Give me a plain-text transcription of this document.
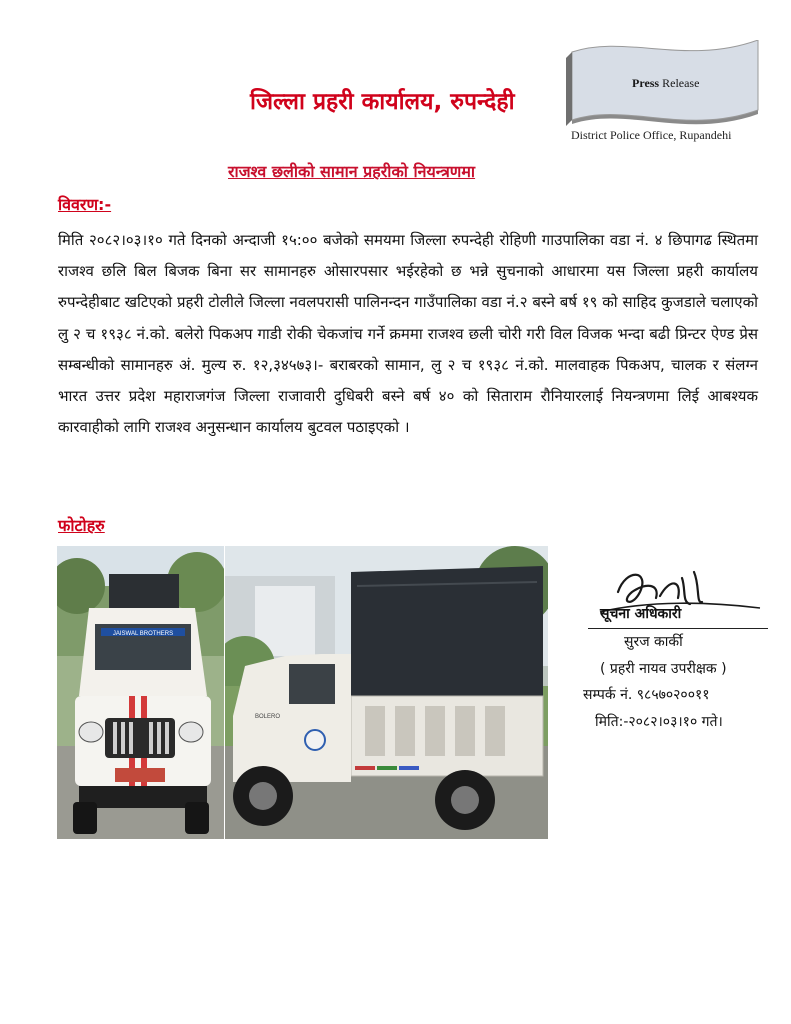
Press Release
District Police Office, Rupandehi
जिल्ला प्रहरी कार्यालय, रुपन्देही
राजश्व छलीको सामान प्रहरीको नियन्त्रणमा
विवरण:-
मिति २०८२।०३।१० गते दिनको अन्दाजी १५:०० बजेको समयमा जिल्ला रुपन्देही रोहिणी गाउपालिका वडा नं. ४ छिपागढ स्थितमा राजश्व छलि बिल बिजक बिना सर सामानहरु ओसारपसार भईरहेको छ भन्ने सुचनाको आधारमा यस जिल्ला प्रहरी कार्यालय रुपन्देहीबाट खटिएको प्रहरी टोलीले जिल्ला नवलपरासी पालिनन्दन गाउँपालिका वडा नं.२ बस्ने बर्ष १९ को साहिद कुजडाले चलाएको लु २ च १९३८ नं.को. बलेरो पिकअप गाडी रोकी चेकजांच गर्ने क्रममा राजश्व छली चोरी गरी विल विजक भन्दा बढी प्रिन्टर ऐण्ड प्रेस सम्बन्धीको सामानहरु अं. मुल्य रु. १२,३४५७३।- बराबरको सामान, लु २ च १९३८ नं.को. मालवाहक पिकअप, चालक र संलग्न भारत उत्तर प्रदेश महाराजगंज जिल्ला राजावारी दुधिबरी बस्ने बर्ष ४० को सिताराम रौनियारलाई नियन्त्रणमा लिई आबश्यक कारवाहीको लागि राजश्व अनुसन्धान कार्यालय बुटवल पठाइएको ।
फोटोहरु
JAISWAL BROTHERS
BOLERO
सूचना अधिकारी
सुरज कार्की
( प्रहरी नायव उपरीक्षक )
सम्पर्क नं. ९८५७०२००११
मिति:-२०८२।०३।१० गते।
